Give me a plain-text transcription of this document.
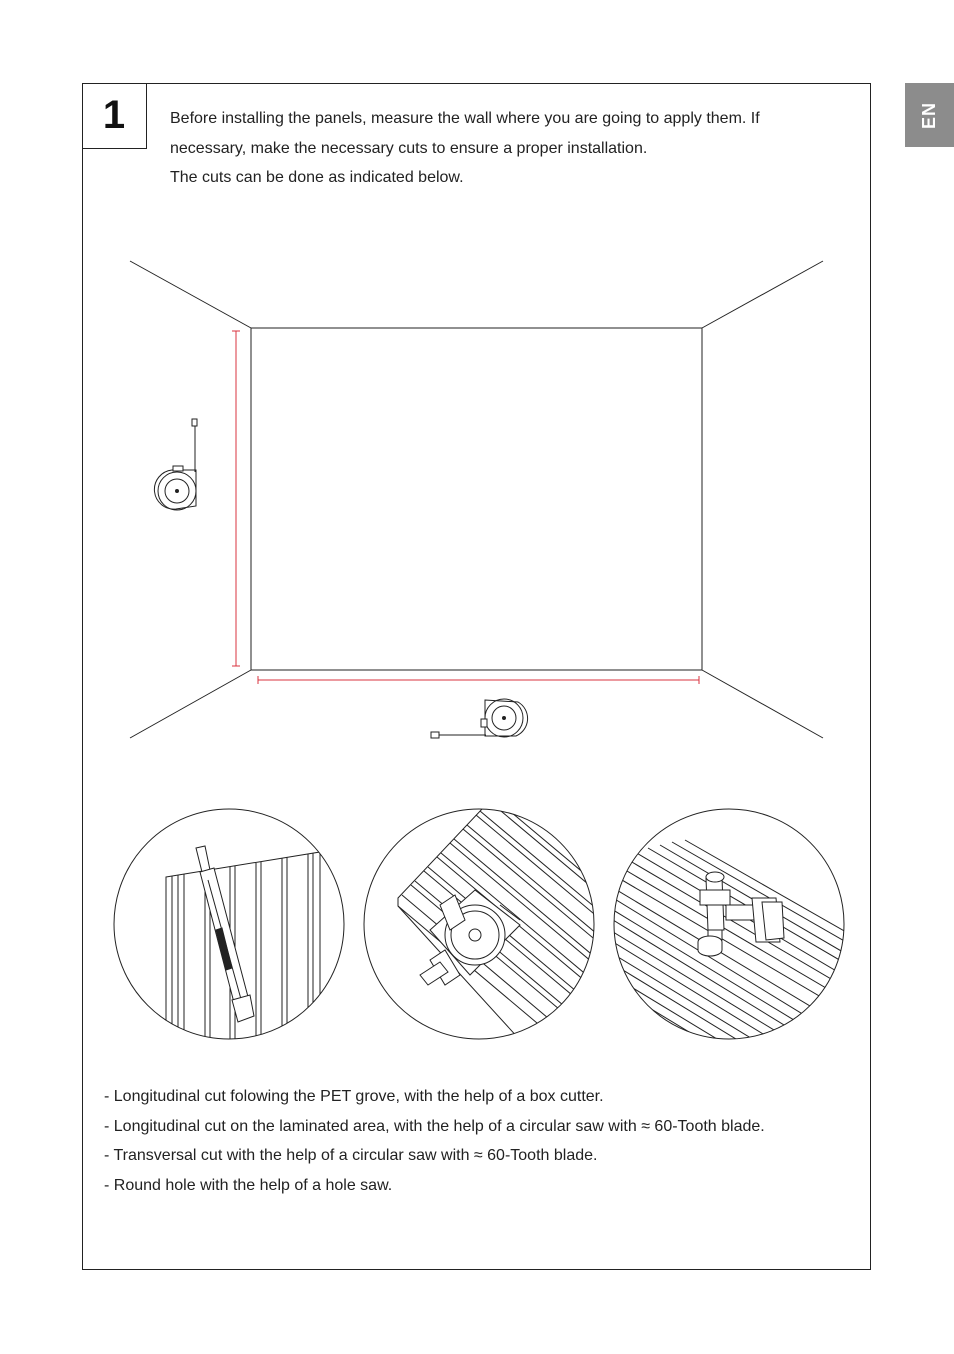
1	EN

Before installing the panels, measure the wall where you are going to apply them. If

necessary, make the necessary cuts to ensure a proper installation.

The cuts can be done as indicated below.

- Longitudinal cut folowing the PET grove, with the help of a box cutter.

- Longitudinal cut on the laminated area, with the help of a circular saw with ≈ 60-Tooth blade.

- Transversal cut with the help of a circular saw with ≈ 60-Tooth blade.

- Round hole with the help of a hole saw.
